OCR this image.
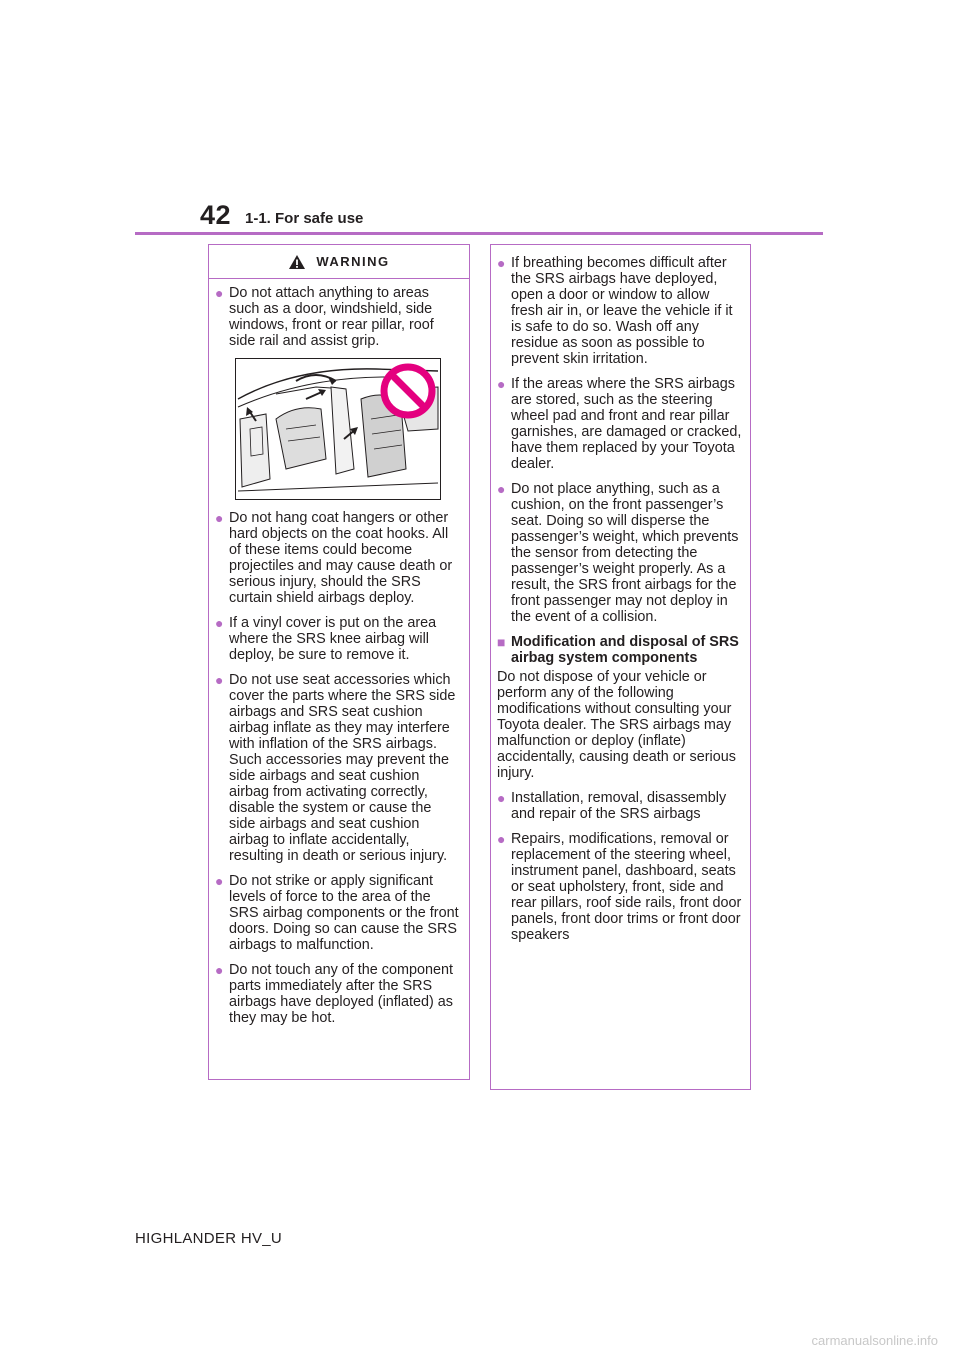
42 1-1. For safe use
WARNING
● Do not attach anything to areas such as a door, windshield, side windows, front or rear pillar, roof side rail and assist grip.
● Do not hang coat hangers or other hard objects on the coat hooks. All of these items could become projectiles and may cause death or serious injury, should the SRS curtain shield airbags deploy.
● If a vinyl cover is put on the area where the SRS knee airbag will deploy, be sure to remove it.
● Do not use seat accessories which cover the parts where the SRS side airbags and SRS seat cushion airbag inflate as they may interfere with inflation of the SRS airbags. Such accessories may prevent the side airbags and seat cushion airbag from activating correctly, disable the system or cause the side airbags and seat cushion airbag to inflate accidentally, resulting in death or serious injury.
● Do not strike or apply significant levels of force to the area of the SRS airbag components or the front doors. Doing so can cause the SRS airbags to malfunction.
● Do not touch any of the component parts immediately after the SRS airbags have deployed (inflated) as they may be hot.
● If breathing becomes difficult after the SRS airbags have deployed, open a door or window to allow fresh air in, or leave the vehicle if it is safe to do so. Wash off any residue as soon as possible to prevent skin irritation.
● If the areas where the SRS airbags are stored, such as the steering wheel pad and front and rear pillar garnishes, are damaged or cracked, have them replaced by your Toyota dealer.
● Do not place anything, such as a cushion, on the front passenger’s seat. Doing so will disperse the passenger’s weight, which prevents the sensor from detecting the passenger’s weight properly. As a result, the SRS front airbags for the front passenger may not deploy in the event of a collision.
■ Modification and disposal of SRS airbag system components
Do not dispose of your vehicle or perform any of the following modifications without consulting your Toyota dealer. The SRS airbags may malfunction or deploy (inflate) accidentally, causing death or serious injury.
● Installation, removal, disassembly and repair of the SRS airbags
● Repairs, modifications, removal or replacement of the steering wheel, instrument panel, dashboard, seats or seat upholstery, front, side and rear pillars, roof side rails, front door panels, front door trims or front door speakers
HIGHLANDER HV_U
carmanualsonline.info
